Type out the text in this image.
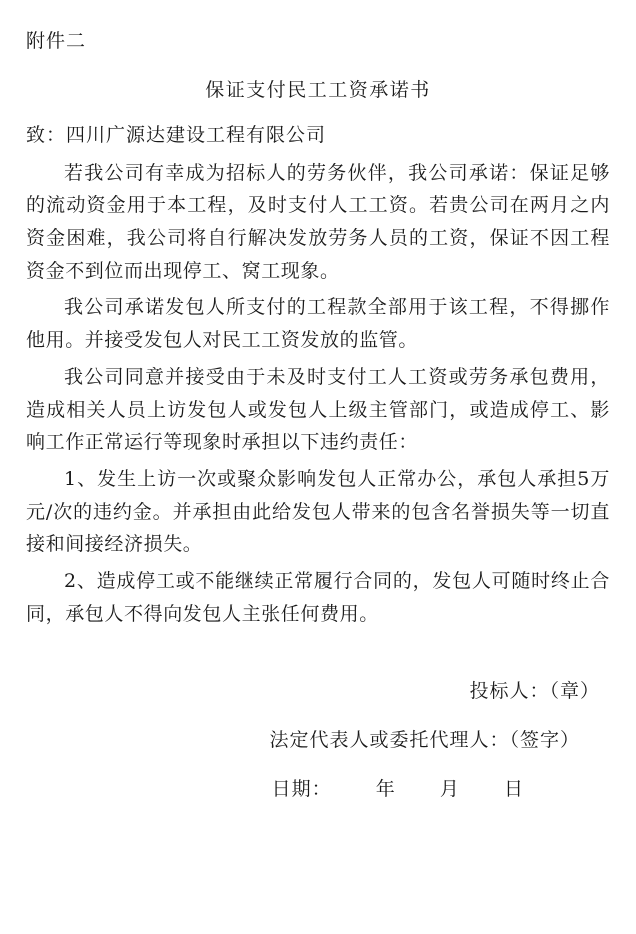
附件二
保证支付民工工资承诺书
致：四川广源达建设工程有限公司

若我公司有幸成为招标人的劳务伙伴，我公司承诺：保证足够的流动资金用于本工程，及时支付人工工资。若贵公司在两月之内资金困难，我公司将自行解决发放劳务人员的工资，保证不因工程资金不到位而出现停工、窝工现象。

我公司承诺发包人所支付的工程款全部用于该工程，不得挪作他用。并接受发包人对民工工资发放的监管。

我公司同意并接受由于未及时支付工人工资或劳务承包费用，造成相关人员上访发包人或发包人上级主管部门，或造成停工、影响工作正常运行等现象时承担以下违约责任：

1、发生上访一次或聚众影响发包人正常办公，承包人承担5万元/次的违约金。并承担由此给发包人带来的包含名誉损失等一切直接和间接经济损失。

2、造成停工或不能继续正常履行合同的，发包人可随时终止合同，承包人不得向发包人主张任何费用。

投标人：（章）
法定代表人或委托代理人：（签字）
日期： 年 月 日
